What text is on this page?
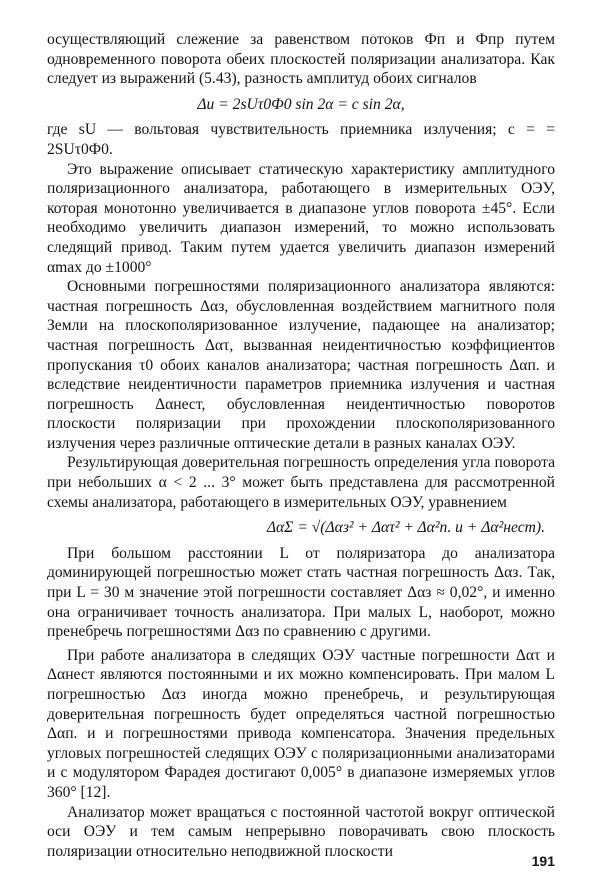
осуществляющий слежение за равенством потоков Фп и Фпр путем одновременного поворота обеих плоскостей поляризации анализатора. Как следует из выражений (5.43), разность амплитуд обоих сигналов

Δu = 2sUτ0Ф0 sin 2α = c sin 2α,

где sU — вольтовая чувствительность приемника излучения; c = = 2SUτ0Ф0.

Это выражение описывает статическую характеристику амплитудного поляризационного анализатора, работающего в измерительных ОЭУ, которая монотонно увеличивается в диапазоне углов поворота ±45°. Если необходимо увеличить диапазон измерений, то можно использовать следящий привод. Таким путем удается увеличить диапазон измерений αmax до ±1000°

Основными погрешностями поляризационного анализатора являются: частная погрешность Δαз, обусловленная воздействием магнитного поля Земли на плоскополяризованное излучение, падающее на анализатор; частная погрешность Δατ, вызванная неидентичностью коэффициентов пропускания τ0 обоих каналов анализатора; частная погрешность Δαп. и вследствие неидентичности параметров приемника излучения и частная погрешность Δαнест, обусловленная неидентичностью поворотов плоскости поляризации при прохождении плоскополяризованного излучения через различные оптические детали в разных каналах ОЭУ.

Результирующая доверительная погрешность определения угла поворота при небольших α < 2 ... 3° может быть представлена для рассмотренной схемы анализатора, работающего в измерительных ОЭУ, уравнением

ΔαΣ = √(Δαз² + Δατ² + Δα²п. и + Δα²нест).

При большом расстоянии L от поляризатора до анализатора доминирующей погрешностью может стать частная погрешность Δαз. Так, при L = 30 м значение этой погрешности составляет Δαз ≈ 0,02°, и именно она ограничивает точность анализатора. При малых L, наоборот, можно пренебречь погрешностями Δαз по сравнению с другими.

При работе анализатора в следящих ОЭУ частные погрешности Δατ и Δαнест являются постоянными и их можно компенсировать. При малом L погрешностью Δαз иногда можно пренебречь, и результирующая доверительная погрешность будет определяться частной погрешностью Δαп. и и погрешностями привода компенсатора. Значения предельных угловых погрешностей следящих ОЭУ с поляризационными анализаторами и с модулятором Фарадея достигают 0,005° в диапазоне измеряемых углов 360° [12].

Анализатор может вращаться с постоянной частотой вокруг оптической оси ОЭУ и тем самым непрерывно поворачивать свою плоскость поляризации относительно неподвижной плоскости

191
